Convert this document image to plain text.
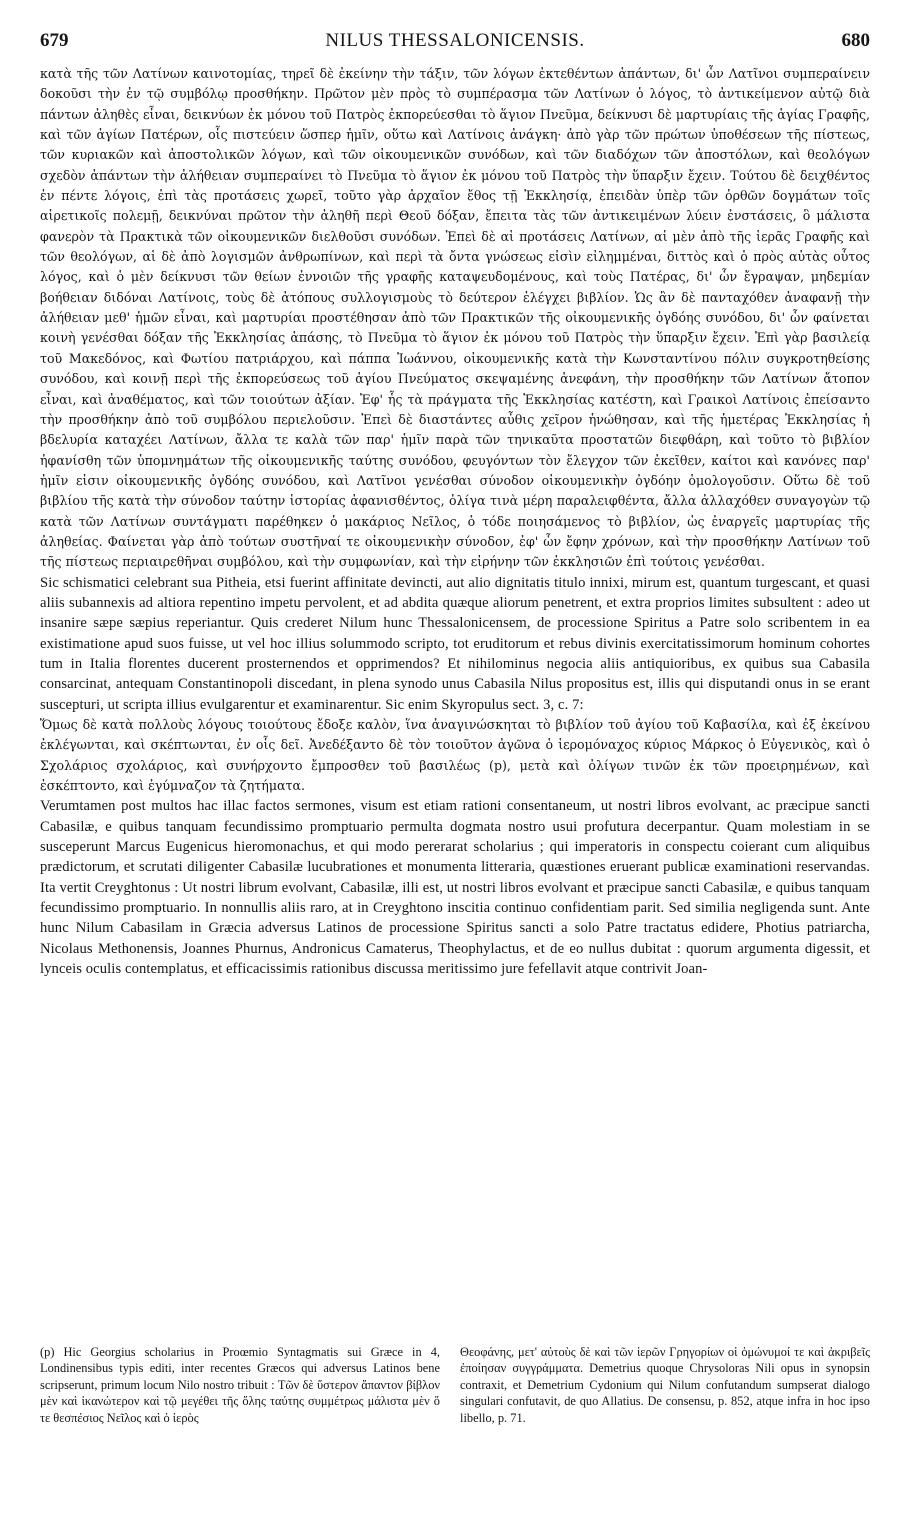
679	NILUS THESSALONICENSIS.	680

κατὰ τῆς τῶν Λατίνων καινοτομίας, τηρεῖ δὲ ἐκείνην τὴν τάξιν, τῶν λόγων ἐκτεθέντων ἁπάντων, δι' ὧν Λατῖνοι συμπεραίνειν δοκοῦσι τὴν ἐν τῷ συμβόλῳ προσθήκην. Πρῶτον μὲν πρὸς τὸ συμπέρασμα τῶν Λατίνων ὁ λόγος, τὸ ἀντικείμενον αὐτῷ διὰ πάντων ἀληθὲς εἶναι, δεικνύων ἐκ μόνου τοῦ Πατρὸς ἐκπορεύεσθαι τὸ ἅγιον Πνεῦμα, δείκνυσι δὲ μαρτυρίαις τῆς ἁγίας Γραφῆς, καὶ τῶν ἁγίων Πατέρων, οἷς πιστεύειν ὥσπερ ἡμῖν, οὕτω καὶ Λατίνοις ἀνάγκη· ἀπὸ γὰρ τῶν πρώτων ὑποθέσεων τῆς πίστεως, τῶν κυριακῶν καὶ ἀποστολικῶν λόγων, καὶ τῶν οἰκουμενικῶν συνόδων, καὶ τῶν διαδόχων τῶν ἀποστόλων, καὶ θεολόγων σχεδὸν ἁπάντων τὴν ἀλήθειαν συμπεραίνει τὸ Πνεῦμα τὸ ἅγιον ἐκ μόνου τοῦ Πατρὸς τὴν ὕπαρξιν ἔχειν. Τούτου δὲ δειχθέντος ἐν πέντε λόγοις, ἐπὶ τὰς προτάσεις χωρεῖ, τοῦτο γὰρ ἀρχαῖον ἔθος τῇ Ἐκκλησίᾳ, ἐπειδὰν ὑπὲρ τῶν ὀρθῶν δογμάτων τοῖς αἱρετικοῖς πολεμῇ, δεικνύναι πρῶτον τὴν ἀληθῆ περὶ Θεοῦ δόξαν, ἔπειτα τὰς τῶν ἀντικειμένων λύειν ἐνστάσεις, ὃ μάλιστα φανερὸν τὰ Πρακτικὰ τῶν οἰκουμενικῶν διελθοῦσι συνόδων. Ἐπεὶ δὲ αἱ προτάσεις Λατίνων, αἱ μὲν ἀπὸ τῆς ἱερᾶς Γραφῆς καὶ τῶν θεολόγων, αἱ δὲ ἀπὸ λογισμῶν ἀνθρωπίνων, καὶ περὶ τὰ ὄντα γνώσεως εἰσὶν εἰλημμέναι, διττὸς καὶ ὁ πρὸς αὐτὰς οὗτος λόγος, καὶ ὁ μὲν δείκνυσι τῶν θείων ἐννοιῶν τῆς γραφῆς καταψευδομένους, καὶ τοὺς Πατέρας, δι' ὧν ἔγραψαν, μηδεμίαν βοήθειαν διδόναι Λατίνοις, τοὺς δὲ ἀτόπους συλλογισμοὺς τὸ δεύτερον ἐλέγχει βιβλίον. Ὡς ἂν δὲ πανταχόθεν ἀναφανῇ τὴν ἀλήθειαν μεθ' ἡμῶν εἶναι, καὶ μαρτυρίαι προστέθησαν ἀπὸ τῶν Πρακτικῶν τῆς οἰκουμενικῆς ὀγδόης συνόδου, δι' ὧν φαίνεται κοινὴ γενέσθαι δόξαν τῆς Ἐκκλησίας ἁπάσης, τὸ Πνεῦμα τὸ ἅγιον ἐκ μόνου τοῦ Πατρὸς τὴν ὕπαρξιν ἔχειν. Ἐπὶ γὰρ βασιλείᾳ τοῦ Μακεδόνος, καὶ Φωτίου πατριάρχου, καὶ πάππα Ἰωάννου, οἰκουμενικῆς κατὰ τὴν Κωνσταντίνου πόλιν συγκροτηθείσης συνόδου, καὶ κοινῇ περὶ τῆς ἐκπορεύσεως τοῦ ἁγίου Πνεύματος σκεψαμένης ἀνεφάνη, τὴν προσθήκην τῶν Λατίνων ἄτοπον εἶναι, καὶ ἀναθέματος, καὶ τῶν τοιούτων ἀξίαν. Ἐφ' ἧς τὰ πράγματα τῆς Ἐκκλησίας κατέστη, καὶ Γραικοὶ Λατίνοις ἐπείσαντο τὴν προσθήκην ἀπὸ τοῦ συμβόλου περιελοῦσιν. Ἐπεὶ δὲ διαστάντες αὖθις χεῖρον ἡνώθησαν, καὶ τῆς ἡμετέρας Ἐκκλησίας ἡ βδελυρία καταχέει Λατίνων, ἄλλα τε καλὰ τῶν παρ' ἡμῖν παρὰ τῶν τηνικαῦτα προστατῶν διεφθάρη, καὶ τοῦτο τὸ βιβλίον ἠφανίσθη τῶν ὑπομνημάτων τῆς οἰκουμενικῆς ταύτης συνόδου, φευγόντων τὸν ἔλεγχον τῶν ἐκεῖθεν, καίτοι καὶ κανόνες παρ' ἡμῖν εἰσιν οἰκουμενικῆς ὀγδόης συνόδου, καὶ Λατῖνοι γενέσθαι σύνοδον οἰκουμενικὴν ὀγδόην ὁμολογοῦσιν. Οὕτω δὲ τοῦ βιβλίου τῆς κατὰ τὴν σύνοδον ταύτην ἱστορίας ἀφανισθέντος, ὀλίγα τινὰ μέρη παραλειφθέντα, ἄλλα ἀλλαχόθεν συναγογὼν τῷ κατὰ τῶν Λατίνων συντάγματι παρέθηκεν ὁ μακάριος Νεῖλος, ὁ τόδε ποιησάμενος τὸ βιβλίον, ὡς ἐναργεῖς μαρτυρίας τῆς ἀληθείας. Φαίνεται γὰρ ἀπὸ τούτων συστῆναί τε οἰκουμενικὴν σύνοδον, ἐφ' ὧν ἔφην χρόνων, καὶ τὴν προσθήκην Λατίνων τοῦ τῆς πίστεως περιαιρεθῆναι συμβόλου, καὶ τὴν συμφωνίαν, καὶ τὴν εἰρήνην τῶν ἐκκλησιῶν ἐπὶ τούτοις γενέσθαι.

Sic schismatici celebrant sua Pitheia, etsi fuerint affinitate devincti, aut alio dignitatis titulo innixi, mirum est, quantum turgescant, et quasi aliis subannexis ad altiora repentino impetu pervolent, et ad abdita quæque aliorum penetrent, et extra proprios limites subsultent : adeo ut insanire sæpe sæpius reperiantur. Quis crederet Nilum hunc Thessalonicensem, de processione Spiritus a Patre solo scribentem in ea existimatione apud suos fuisse, ut vel hoc illius solummodo scripto, tot eruditorum et rebus divinis exercitatissimorum hominum cohortes tum in Italia florentes ducerent prosternendos et opprimendos? Et nihilominus negocia aliis antiquioribus, ex quibus sua Cabasila consarcinat, antequam Constantinopoli discedant, in plena synodo unus Cabasila Nilus propositus est, illis qui disputandi onus in se erant suscepturi, ut scripta illius evulgarentur et examinarentur. Sic enim Skyropulus sect. 3, c. 7:

Ὅμως δὲ κατὰ πολλοὺς λόγους τοιούτους ἔδοξε καλὸν, ἵνα ἀναγινώσκηται τὸ βιβλίον τοῦ ἁγίου τοῦ Καβασίλα, καὶ ἐξ ἐκείνου ἐκλέγωνται, καὶ σκέπτωνται, ἐν οἷς δεῖ. Ἀνεδέξαντο δὲ τὸν τοιοῦτον ἀγῶνα ὁ ἱερομόναχος κύριος Μάρκος ὁ Εὐγενικὸς, καὶ ὁ Σχολάριος σχολάριος, καὶ συνήρχοντο ἔμπροσθεν τοῦ βασιλέως (p), μετὰ καὶ ὀλίγων τινῶν ἐκ τῶν προειρημένων, καὶ ἐσκέπτοντο, καὶ ἐγύμναζον τὰ ζητήματα.

Verumtamen post multos hac illac factos sermones, visum est etiam rationi consentaneum, ut nostri libros evolvant, ac præcipue sancti Cabasilæ, e quibus tanquam fecundissimo promptuario permulta dogmata nostro usui profutura decerpantur. Quam molestiam in se susceperunt Marcus Eugenicus hieromonachus, et qui modo pererarat scholarius ; qui imperatoris in conspectu coierant cum aliquibus prædictorum, et scrutati diligenter Cabasilæ lucubrationes et monumenta litteraria, quæstiones eruerant publicæ examinationi reservandas. Ita vertit Creyghtonus : Ut nostri librum evolvant, Cabasilæ, illi est, ut nostri libros evolvant et præcipue sancti Cabasilæ, e quibus tanquam fecundissimo promptuario. In nonnullis aliis raro, at in Creyghtono inscitia continuo confidentiam parit. Sed similia negligenda sunt. Ante hunc Nilum Cabasilam in Græcia adversus Latinos de processione Spiritus sancti a solo Patre tractatus edidere, Photius patriarcha, Nicolaus Methonensis, Joannes Phurnus, Andronicus Camaterus, Theophylactus, et de eo nullus dubitat : quorum argumenta digessit, et lynceis oculis contemplatus, et efficacissimis rationibus discussa meritissimo jure fefellavit atque contrivit Joan-

(p) Hic Georgius scholarius in Proœmio Syntagmatis sui Græce in 4, Londinensibus typis editi, inter recentes Græcos qui adversus Latinos bene scripserunt, primum locum Nilo nostro tribuit : Τῶν δὲ ὕστερον ἅπαντον βίβλον μὲν καὶ ἱκανώτερον καὶ τῷ μεγέθει τῆς ὅλης ταύτης συμμέτρως μάλιστα μὲν ὅ τε θεσπέσιος Νεῖλος καὶ ὁ ἱερὸς
Θεοφάνης, μετ' αὐτοὺς δὲ καὶ τῶν ἱερῶν Γρηγορίων οἱ ὁμώνυμοί τε καὶ ἀκριβεῖς ἐποίησαν συγγράμματα. Demetrius quoque Chrysoloras Nili opus in synopsin contraxit, et Demetrium Cydonium qui Nilum confutandum sumpserat dialogo singulari confutavit, de quo Allatius. De consensu, p. 852, atque infra in hoc ipso libello, p. 71.
